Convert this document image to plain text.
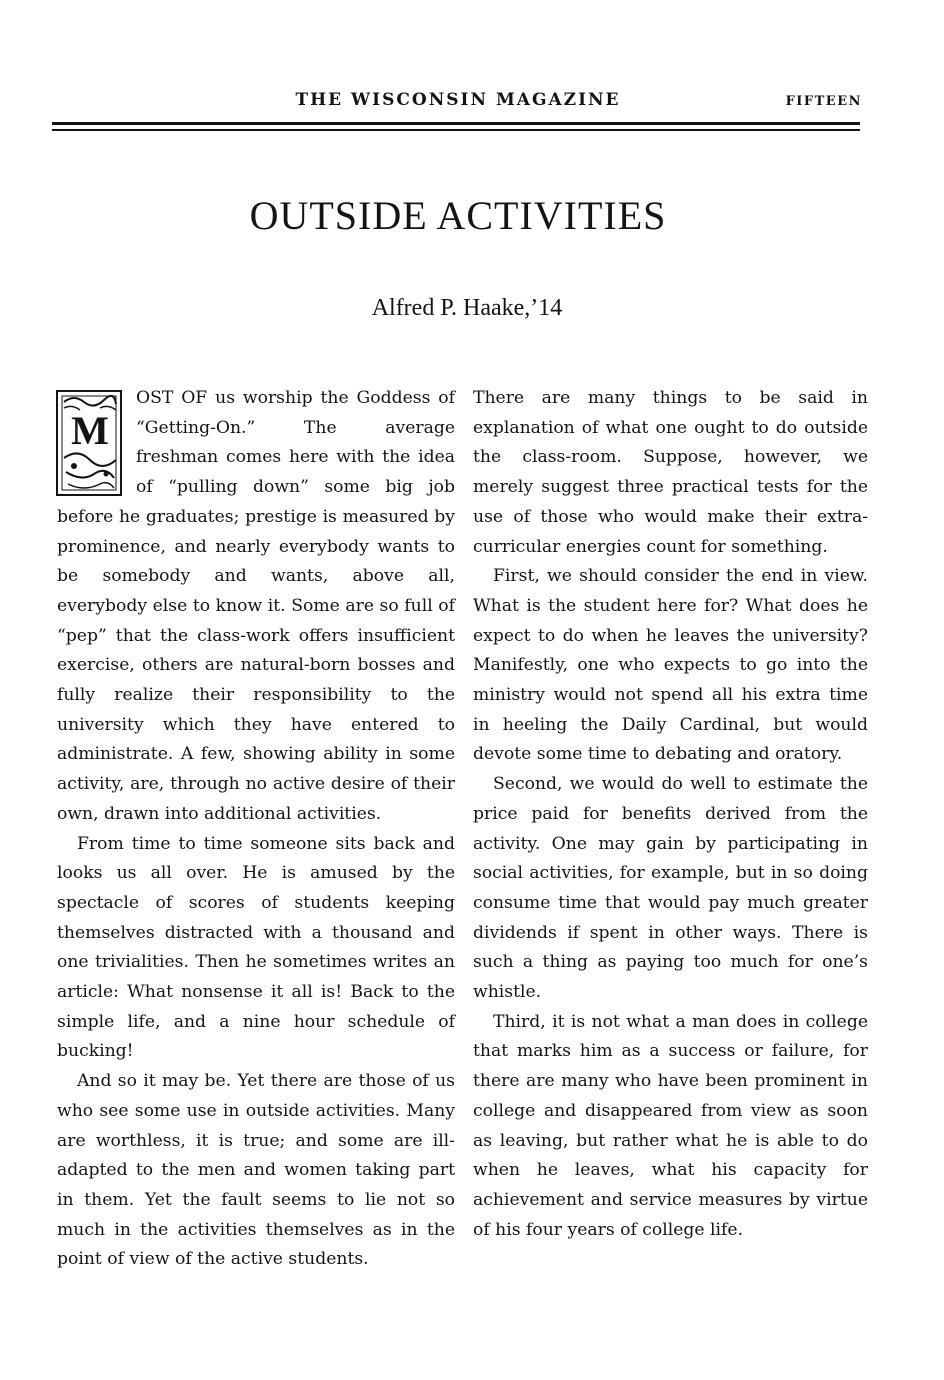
THE WISCONSIN MAGAZINE	FIFTEEN
OUTSIDE ACTIVITIES
Alfred P. Haake,’14
M

OST OF us worship the Goddess of “Getting-On.” The average freshman comes here with the idea of “pulling down” some big job before he graduates; prestige is measured by prominence, and nearly everybody wants to be somebody and wants, above all, everybody else to know it. Some are so full of “pep” that the class-work offers insufficient exercise, others are natural-born bosses and fully realize their responsibility to the university which they have entered to administrate. A few, showing ability in some activity, are, through no active desire of their own, drawn into additional activities.

From time to time someone sits back and looks us all over. He is amused by the spectacle of scores of students keeping themselves distracted with a thousand and one trivialities. Then he sometimes writes an article: What nonsense it all is! Back to the simple life, and a nine hour schedule of bucking!

And so it may be. Yet there are those of us who see some use in outside activities. Many are worthless, it is true; and some are ill-adapted to the men and women taking part in them. Yet the fault seems to lie not so much in the activities themselves as in the point of view of the active students.

There are many things to be said in explanation of what one ought to do outside the class-room. Suppose, however, we merely suggest three practical tests for the use of those who would make their extra-curricular energies count for something.

First, we should consider the end in view. What is the student here for? What does he expect to do when he leaves the university? Manifestly, one who expects to go into the ministry would not spend all his extra time in heeling the Daily Cardinal, but would devote some time to debating and oratory.

Second, we would do well to estimate the price paid for benefits derived from the activity. One may gain by participating in social activities, for example, but in so doing consume time that would pay much greater dividends if spent in other ways. There is such a thing as paying too much for one’s whistle.

Third, it is not what a man does in college that marks him as a success or failure, for there are many who have been prominent in college and disappeared from view as soon as leaving, but rather what he is able to do when he leaves, what his capacity for achievement and service measures by virtue of his four years of college life.
